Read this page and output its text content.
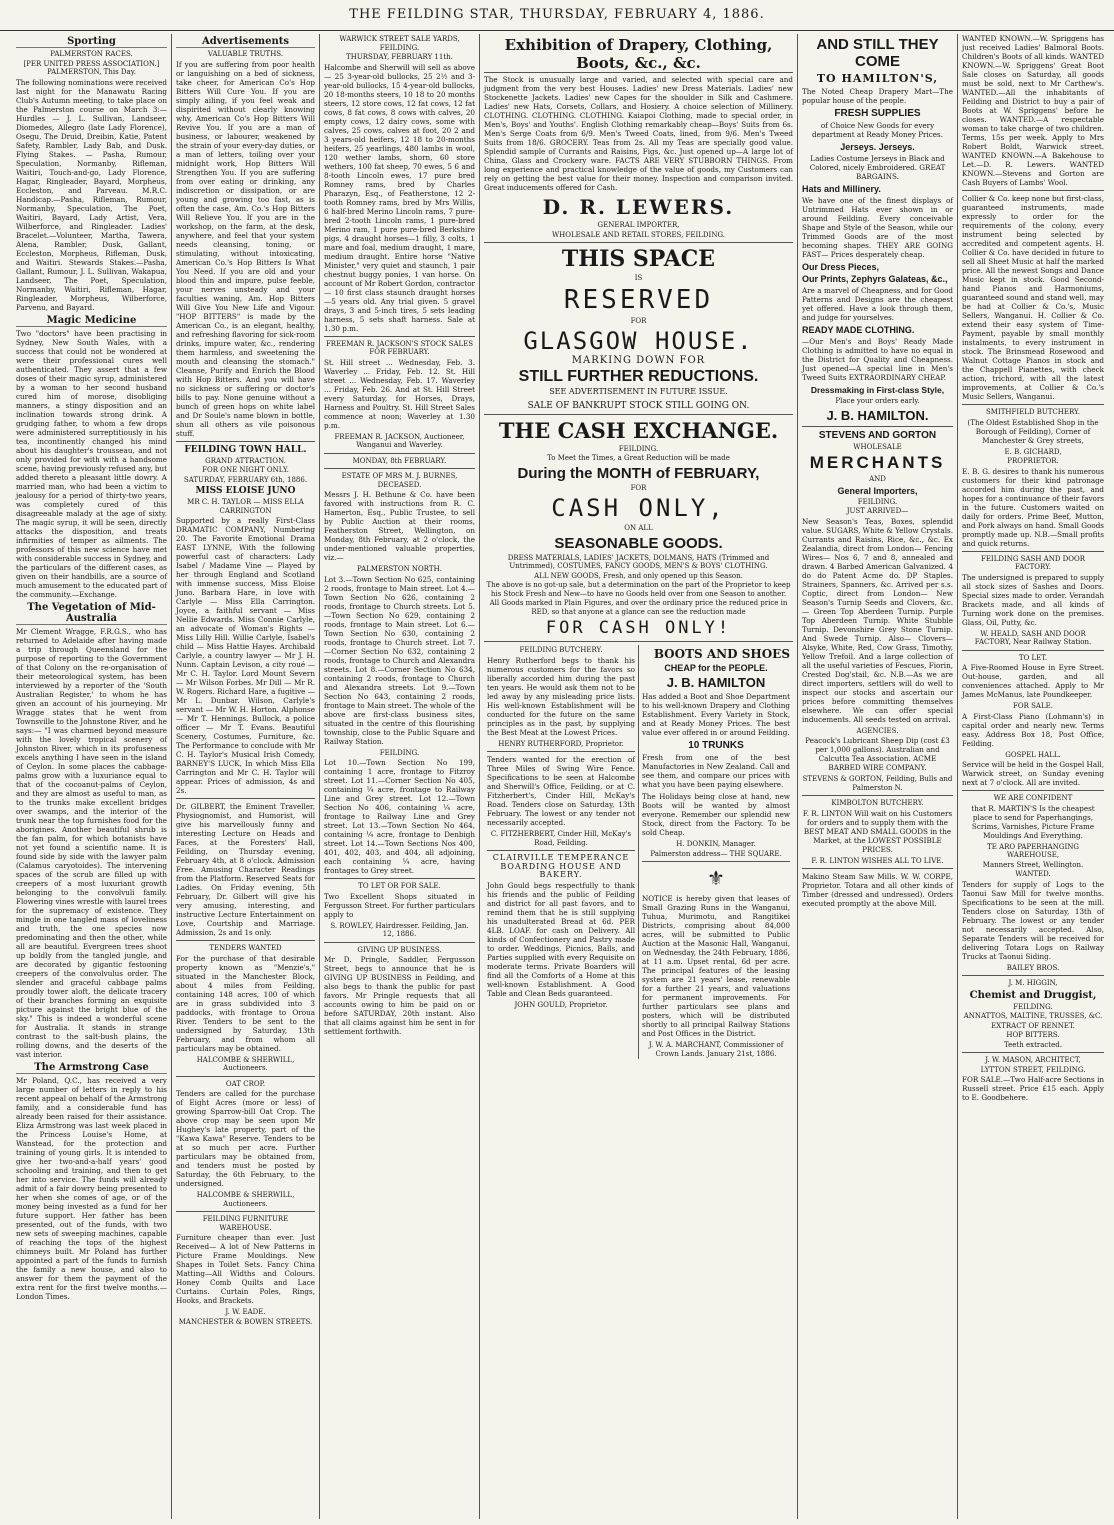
THE FEILDING STAR, THURSDAY, FEBRUARY 4, 1886.
Sporting
PALMERSTON RACES.
[PER UNITED PRESS ASSOCIATION.] PALMERSTON, This Day.

The following nominations were received last night for the Manawatu Racing Club's Autumn meeting, to take place on the Palmerston course on March 3:— Hurdles — J. L. Sullivan, Landseer, Diomedes, Allegro (late Lady Florence), Osegu, The Druid, Dreibin, Katie, Patent Safety, Rambler, Lady Bab, and Dusk. Flying Stakes. — Pasha, Rumour, Speculation, Normanby, Rifleman, Waitiri, Touch-and-go, Lady Florence, Hagar, Ringleader, Bayard, Morpheus, Eccleston, and Parveau. M.R.C. Handicap.—Pasha, Rifleman, Rumour, Normanby, Speculation, The Poet, Waitiri, Bayard, Lady Artist, Vera, Wilberforce, and Ringleader. Ladies' Bracelet.—Volunteer, Martha, Tawera, Alena, Rambler, Dusk, Gallant, Eccleston, Morpheus, Rifleman, Dusk, and Waitiri. Stewards Stakes.—Pasha, Gallant, Rumour, J. L. Sullivan, Wakapua, Landseer, The Poet, Speculation, Normanby, Waitiri, Rifleman, Hagar, Ringleader, Morpheus, Wilberforce, Parvenu, and Bayard.

Magic Medicine

Two "doctors" have been practising in Sydney, New South Wales, with a success that could not be wondered at were their professional cures well authenticated. They assert that a few doses of their magic syrup, administered by a woman to her second husband cured him of morose, disobliging manners, a stingy disposition and an inclination towards strong drink. A grudging father, to whom a few drops were administered surreptitiously in his tea, incontinently changed his mind about his daughter's trousseau, and not only provided for with with a handsome scene, having previously refused any, but added thereto a pleasant little dowry. A married man, who had been a victim to jealousy for a period of thirty-two years, was completely cured of this disagreeable malady at the age of sixty. The magic syrup, it will be seen, directly attacks the disposition, and treats infirmities of temper as ailments. The professors of this new science have met with considerable success in Sydney, and the particulars of the different cases, as given on their handbills, are a source of much amusement to the educated part of the community.—Exchange.

The Vegetation of Mid-Australia

Mr Clement Wragge, F.R.G.S., who has returned to Adelaide after having made a trip through Queensland for the purpose of reporting to the Government of that Colony on the re-organisation of their meteorological system, has been interviewed by a reporter of the 'South Australian Register,' to whom he has given an account of his journeying. Mr Wragge states that he went from Townsville to the Johnstone River, and he says:— "I was charmed beyond measure with the lovely tropical scenery of Johnston River, which in its profuseness excels anything I have seen in the island of Ceylon. In some places the cabbage-palms grow with a luxuriance equal to that of the cocoanut-palms of Ceylon, and they are almost as useful to man, as to the trunks make excellent bridges over swamps, and the interior of the trunk near the top furnishes food for the aborigines. Another beautiful shrub is the fan palm, for which botanists have not yet found a scientific name. It is found side by side with the lawyer palm (Calamus caryotoides). The intervening spaces of the scrub are filled up with creepers of a most luxuriant growth belonging to the convolvuli family. Flowering vines wrestle with laurel trees for the supremacy of existence. They mingle in one tangled mass of loveliness and truth, the one species now predominating and then the other, while all are beautiful. Evergreen trees shoot up boldly from the tangled jungle, and are decorated by gigantic festooning creepers of the convolvulus order. The slender and graceful cabbage palms proudly tower aloft, the delicate tracery of their branches forming an exquisite picture against the bright blue of the sky." This is indeed a wonderful scene for Australia. It stands in strange contrast to the salt-bush plains, the rolling downs, and the deserts of the vast interior.

The Armstrong Case

Mr Poland, Q.C., has received a very large number of letters in reply to his recent appeal on behalf of the Armstrong family, and a considerable fund has already been raised for their assistance. Eliza Armstrong was last week placed in the Princess Louise's Home, at Wanstead, for the protection and training of young girls. It is intended to give her two-and-a-half years' good schooling and training, and then to get her into service. The funds will already admit of a fair dowry being presented to her when she comes of age, or of the money being invested as a fund for her future support. Her father has been presented, out of the funds, with two new sets of sweeping machines, capable of reaching the tops of the highest chimneys built. Mr Poland has further appointed a part of the funds to furnish the family a new house, and also to answer for them the payment of the extra rent for the first twelve months.—London Times.

Advertisements
VALUABLE TRUTHS.

If you are suffering from poor health or languishing on a bed of sickness, take cheer, for American Co's Hop Bitters Will Cure You. If you are simply ailing, if you feel weak and dispirited without clearly knowing why, American Co's Hop Bitters Will Revive You. If you are a man of business, or labourer, weakened by the strain of your every-day duties, or a man of letters, toiling over your midnight work, Hop Bitters Will Strengthen You. If you are suffering from over eating or drinking, any indiscretion or dissipation, or are young and growing too fast, as is often the case, Am. Co.'s Hop Bitters Will Relieve You. If you are in the workshop, on the farm, at the desk, anywhere, and feel that your system needs cleansing, toning, or stimulating, without intoxicating, American Co.'s Hop Bitters Is What You Need. If you are old and your blood thin and impure, pulse feeble, your nerves unsteady and your faculties waning, Am. Hop Bitters Will Give You New Life and Vigour. "HOP BITTERS" is made by the American Co., is an elegant, healthy, and refreshing flavoring for sick-room drinks, impure water, &c., rendering them harmless, and sweetening the mouth and cleansing the stomach." Cleanse, Purify and Enrich the Blood with Hop Bitters. And you will have no sickness or suffering or doctor's bills to pay. None genuine without a bunch of green hops on white label and Dr Soule's name blown in bottle, shun all others as vile poisonous stuff.

FEILDING TOWN HALL.
GRAND ATTRACTION.
FOR ONE NIGHT ONLY.
SATURDAY, FEBRUARY 6th, 1886.
MISS ELOISE JUNO
MR C. H. TAYLOR — MISS ELLA CARRINGTON

Supported by a really First-Class DRAMATIC COMPANY, Numbering 20. The Favorite Emotional Drama EAST LYNNE, With the following powerful cast of characters: Lady Isabel / Madame Vine — Played by her through England and Scotland with immense success, Miss Eloise Juno. Barbara Hare, in love with Carlyle — Miss Ella Carrington. Joyce, a faithful servant — Miss Nellie Edwards. Miss Connie Carlyle, an advocate of Woman's Rights — Miss Lilly Hill. Willie Carlyle, Isabel's child — Miss Hattie Hayes. Archibald Carlyle, a country lawyer — Mr J. H. Nunn. Captain Levison, a city roué — Mr C. H. Taylor. Lord Mount Severn — Mr Wilson Forbes. Mr Dill — Mr R. W. Rogers. Richard Hare, a fugitive — Mr L. Dunbar. Wilson, Carlyle's servant — Mr W. H. Horton. Alphonse — Mr T. Hennings. Bullock, a police officer — Mr T. Evans. Beautiful Scenery, Costumes, Furniture, &c. The Performance to conclude with Mr C. H. Taylor's Musical Irish Comedy, BARNEY'S LUCK, In which Miss Ella Carrington and Mr C. H. Taylor will appear. Prices of admission, 4s and 2s.

Dr. GILBERT, the Eminent Traveller, Physiognomist, and Humorist, will give his marvellously funny and interesting Lecture on Heads and Faces, at the Foresters' Hall, Feilding, on Thursday evening, February 4th, at 8 o'clock. Admission Free. Amusing Character Readings from the Platform. Reserved Seats for Ladies. On Friday evening, 5th February, Dr. Gilbert will give his very amusing, interesting, and instructive Lecture Entertainment on Love, Courtship and Marriage. Admission, 2s and 1s only.

TENDERS WANTED

For the purchase of that desirable property known as "Menzie's," situated in the Manchester Block, about 4 miles from Feilding, containing 148 acres, 100 of which are in grass subdivided into 3 paddocks, with frontage to Oroua River. Tenders to be sent to the undersigned by Saturday, 13th February, and from whom all particulars may be obtained.

HALCOMBE & SHERWILL, Auctioneers.
OAT CROP.

Tenders are called for the purchase of Eight Acres (more or less) of growing Sparrow-bill Oat Crop. The above crop may be seen upon Mr Hughey's late property, part of the "Kawa Kawa" Reserve. Tenders to be at so much per acre. Further particulars may be obtained from, and tenders must be posted by Saturday, the 6th February, to the undersigned.

HALCOMBE & SHERWILL, Auctioneers.
FEILDING FURNITURE WAREHOUSE.

Furniture cheaper than ever. Just Received— A lot of New Patterns in Picture Frame Mouldings. New Shapes in Toilet Sets. Fancy China Matting—All Widths and Colours. Honey Comb Quilts and Lace Curtains. Curtain Poles, Rings, Hooks, and Brackets.

J. W. EADE.
MANCHESTER & BOWEN STREETS.
WARWICK STREET SALE YARDS, FEILDING.
THURSDAY, FEBRUARY 11th.

Halcombe and Sherwill will sell as above— 25 3-year-old bullocks, 25 2½ and 3-year-old bullocks, 15 4-year-old bullocks, 20 18-months steers, 10 18 to 20 months steers, 12 store cows, 12 fat cows, 12 fat cows, 8 fat cows, 8 cows with calves, 20 empty cows, 12 dairy cows, some with calves, 25 cows, calves at foot, 20 2 and 3 years-old heifers, 12 18 to 20-months heifers, 25 yearlings, 480 lambs in wool, 120 wether lambs, shorn, 60 store wethers, 100 fat sheep, 70 ewes, 5 6 and 8-tooth Lincoln ewes, 17 pure bred Romney rams, bred by Charles Pharazyn, Esq., of Featherstone, 12 2-tooth Romney rams, bred by Mrs Willis, 6 half-bred Merino Lincoln rams, 7 pure-bred 2-tooth Lincoln rams, 1 pure-bred Merino ram, 1 pure pure-bred Berkshire pigs, 4 draught horses—1 filly, 3 colts, 1 mare and foal, medium draught, 1 mare, medium draught. Entire horse "Native Minister," very quiet and staunch, 1 pair chestnut buggy ponies, 1 van horse. On account of Mr Robert Gordon, contractor— 10 first class staunch draught horses —5 years old. Any trial given. 5 gravel drays, 3 and 5-inch tires, 5 sets leading harness, 5 sets shaft harness. Sale at 1.30 p.m.

FREEMAN R. JACKSON'S STOCK SALES FOR FEBRUARY.

St. Hill street ... Wednesday, Feb. 3. Waverley ... Friday, Feb. 12. St. Hill street ... Wednesday, Feb. 17. Waverley ... Friday, Feb. 26. And at St. Hill Street every Saturday, for Horses, Drays, Harness and Poultry. St. Hill Street Sales commence at noon; Waverley at 1.30 p.m.

FREEMAN R. JACKSON, Auctioneer, Wanganui and Waverley.
MONDAY, 8th FEBRUARY.
ESTATE OF MRS M. J. BURNES, DECEASED.

Messrs J. H. Bethune & Co. have been favored with instructions from R. C. Hamerton, Esq., Public Trustee, to sell by Public Auction at their rooms, Featherston Street, Wellington, on Monday, 8th February, at 2 o'clock, the under-mentioned valuable properties, viz.—

PALMERSTON NORTH.

Lot 3.—Town Section No 625, containing 2 roods, frontage to Main street. Lot 4.—Town Section No 626, containing 2 roods, frontage to Church streets. Lot 5.—Town Section No 629, containing 2 roods, frontage to Main street. Lot 6.—Town Section No 630, containing 2 roods, frontage to Church street. Lot 7.—Corner Section No 632, containing 2 roods, frontage to Church and Alexandra streets. Lot 8.—Corner Section No 634, containing 2 roods, frontage to Church and Alexandra streets. Lot 9.—Town Section No 643, containing 2 roods, frontage to Main street. The whole of the above are first-class business sites, situated in the centre of this flourishing township, close to the Public Square and Railway Station.

FEILDING.

Lot 10.—Town Section No 199, containing 1 acre, frontage to Fitzroy street. Lot 11.—Corner Section No 405, containing ¼ acre, frontage to Railway Line and Grey street. Lot 12.—Town Section No 406, containing ¼ acre, frontage to Railway Line and Grey street. Lot 13.—Town Section No 464, containing ¼ acre, frontage to Denbigh street. Lot 14.—Town Sections Nos 400, 401, 402, 403, and 404, all adjoining, each containing ¼ acre, having frontages to Grey street.

TO LET OR FOR SALE.

Two Excellent Shops situated in Fergusson Street. For further particulars apply to

S. ROWLEY, Hairdresser. Feilding, Jan. 12, 1886.
GIVING UP BUSINESS.

Mr D. Pringle, Saddler, Fergusson Street, begs to announce that he is GIVING UP BUSINESS in Feilding, and also begs to thank the public for past favors. Mr Pringle requests that all accounts owing to him be paid on or before SATURDAY, 20th instant. Also that all claims against him be sent in for settlement forthwith.

Exhibition of Drapery, Clothing, Boots, &c., &c.

The Stock is unusually large and varied, and selected with special care and judgment from the very best Houses. Ladies' new Dress Materials. Ladies' new Stockenette Jackets. Ladies' new Capes for the shoulder in Silk and Cashmere. Ladies' new Hats, Corsets, Collars, and Hosiery. A choice selection of Millinery. CLOTHING. CLOTHING. CLOTHING. Kaiapoi Clothing, made to special order, in Men's, Boys' and Youths'. English Clothing remarkably cheap—Boys' Suits from 6s. Men's Serge Coats from 6/9. Men's Tweed Coats, lined, from 9/6. Men's Tweed Suits from 18/6. GROCERY. Teas from 2s. All my Teas are specially good value. Splendid sample of Currants and Raisins, Figs, &c. Just opened up—A large lot of China, Glass and Crockery ware. FACTS ARE VERY STUBBORN THINGS. From long experience and practical knowledge of the value of goods, my Customers can rely on getting the best value for their money. Inspection and comparison invited. Great inducements offered for Cash.

D. R. LEWERS.
GENERAL IMPORTER,
WHOLESALE AND RETAIL STORES, FEILDING.
THIS SPACE
IS
RESERVED
FOR
GLASGOW HOUSE.
MARKING DOWN FOR
STILL FURTHER REDUCTIONS.
SEE ADVERTISEMENT IN FUTURE ISSUE.
SALE OF BANKRUPT STOCK STILL GOING ON.
THE CASH EXCHANGE.
FEILDING.
To Meet the Times, a Great Reduction will be made
During the MONTH of FEBRUARY,
FOR
CASH ONLY,
ON ALL
SEASONABLE GOODS.
DRESS MATERIALS, LADIES' JACKETS, DOLMANS, HATS (Trimmed and Untrimmed), COSTUMES, FANCY GOODS, MEN'S & BOYS' CLOTHING.
ALL NEW GOODS, Fresh, and only opened up this Season.
The above is no got-up sale, but a determination on the part of the Proprietor to keep his Stock Fresh and New—to have no Goods held over from one Season to another.
All Goods marked in Plain Figures, and over the ordinary price the reduced price in RED, so that anyone at a glance can see the reduction made
FOR CASH ONLY!
FEILDING BUTCHERY.

Henry Rutherford begs to thank his numerous customers for the favors so liberally accorded him during the past ten years. He would ask them not to be led away by any misleading price lists. His well-known Establishment will be conducted for the future on the same principles as in the past, by supplying the Best Meat at the Lowest Prices.

HENRY RUTHERFORD, Proprietor.

Tenders wanted for the erection of Three Miles of Swing Wire Fence. Specifications to be seen at Halcombe and Sherwill's Office, Feilding, or at C. Fitzherbert's, Cinder Hill, McKay's Road. Tenders close on Saturday, 13th February. The lowest or any tender not necessarily accepted.

C. FITZHERBERT, Cinder Hill, McKay's Road, Feilding.
CLAIRVILLE TEMPERANCE BOARDING HOUSE AND BAKERY.

John Gould begs respectfully to thank his friends and the public of Feilding and district for all past favors, and to remind them that he is still supplying his unadulterated Bread at 6d. PER 4LB. LOAF. for cash on Delivery. All kinds of Confectionery and Pastry made to order. Weddings, Picnics, Balls, and Parties supplied with every Requisite on moderate terms. Private Boarders will find all the Comforts of a Home at this well-known Establishment. A Good Table and Clean Beds guaranteed.

JOHN GOULD, Proprietor.
BOOTS AND SHOES
CHEAP for the PEOPLE.
J. B. HAMILTON

Has added a Boot and Shoe Department to his well-known Drapery and Clothing Establishment. Every Variety in Stock, and at Ready Money Prices. The best value ever offered in or around Feilding.

10 TRUNKS

Fresh from one of the best Manufactories in New Zealand. Call and see them, and compare our prices with what you have been paying elsewhere.

The Holidays being close at hand, new Boots will be wanted by almost everyone. Remember our splendid new Stock, direct from the Factory. To be sold Cheap.

H. DONKIN, Manager.
Palmerston address— THE SQUARE.
⚜

NOTICE is hereby given that leases of Small Grazing Runs in the Wanganui, Tuhua, Murimotu, and Rangitikei Districts, comprising about 84,000 acres, will be submitted to Public Auction at the Masonic Hall, Wanganui, on Wednesday, the 24th February, 1886, at 11 a.m. Upset rental, 6d per acre. The principal features of the leasing system are 21 years' lease, renewable for a further 21 years, and valuations for permanent improvements. For further particulars see plans and posters, which will be distributed shortly to all principal Railway Stations and Post Offices in the District.

J. W. A. MARCHANT, Commissioner of Crown Lands. January 21st, 1886.
AND STILL THEY COME
TO HAMILTON'S,

The Noted Cheap Drapery Mart—The popular house of the people.

FRESH SUPPLIES

of Choice New Goods for every department at Ready Money Prices.

Jerseys. Jerseys.

Ladies Costume Jerseys in Black and Colored, nicely Embroidered. GREAT BARGAINS.

Hats and Millinery.

We have one of the finest displays of Untrimmed Hats ever shown in or around Feilding. Every conceivable Shape and Style of the Season, while our Trimmed Goods are of the most becoming shapes. THEY ARE GOING FAST— Prices desperately cheap.

Our Dress Pieces,
Our Prints, Zephyrs Galateas, &c.,

Are a marvel of Cheapness, and for Good Patterns and Designs are the cheapest yet offered. Have a look through them, and judge for yourselves.

READY MADE CLOTHING.

—Our Men's and Boys' Ready Made Clothing is admitted to have no equal in the District for Quality and Cheapness. Just opened—A special line in Men's Tweed Suits EXTRAORDINARY CHEAP.

Dressmaking in First-class Style,
Place your orders early.
J. B. HAMILTON.
STEVENS AND GORTON
WHOLESALE
MERCHANTS
AND
General Importers,
FEILDING.
JUST ARRIVED—

New Season's Teas, Boxes, splendid value. SUGARS, White & Yellow Crystals. Currants and Raisins, Rice, &c., &c. Ex Zealandia, direct from London— Fencing Wires— Nos 6, 7 and 8, annealed and drawn. 4 Barbed American Galvanized. 4 do do Patent Acme do. DP Staples. Strainers, Spanners, &c. Arrived per s.s. Coptic, direct from London— New Season's Turnip Seeds and Clovers, &c.— Green Top Aberdeen Turnip. Purple Top Aberdeen Turnip. White Stubble Turnip. Devonshire Grey Stone Turnip. And Swede Turnip. Also— Clovers— Alsyke, White, Red, Cow Grass, Timothy, Yellow Trefoil. And a large collection of all the useful varieties of Fescues, Fiorin, Crested Dog'stail, &c. N.B.—As we are direct importers, settlers will do well to inspect our stocks and ascertain our prices before committing themselves elsewhere. We can offer special inducements. All seeds tested on arrival.

AGENCIES.

Peacock's Lubricant Sheep Dip (cost £3 per 1,000 gallons). Australian and Calcutta Tea Association. ACME BARBED WIRE COMPANY.

STEVENS & GORTON, Feilding, Bulls and Palmerston N.
KIMBOLTON BUTCHERY.

F. R. LINTON Will wait on his Customers for orders and to supply them with the BEST MEAT AND SMALL GOODS in the Market, at the LOWEST POSSIBLE PRICES.

F. R. LINTON WISHES ALL TO LIVE.

Makino Steam Saw Mills. W. W. CORPE, Proprietor. Totara and all other kinds of Timber (dressed and undressed). Orders executed promptly at the above Mill.

WANTED KNOWN.—W. Spriggens has just received Ladies' Balmoral Boots. Children's Boots of all kinds. WANTED KNOWN.—W. Spriggens' Great Boot Sale closes on Saturday, all goods must be sold, next to Mr Carthew's. WANTED.—All the inhabitants of Feilding and District to buy a pair of Boots at W. Spriggens' before he closes. WANTED.—A respectable woman to take charge of two children. Terms, 15s per week. Apply to Mrs Robert Boldt, Warwick street. WANTED KNOWN.—A Bakehouse to Let.—D. R. Lewers. WANTED KNOWN.—Stevens and Gorton are Cash Buyers of Lambs' Wool.

Collier & Co. keep none but first-class, guaranteed instruments, made expressly to order for the requirements of the colony, every instrument being selected by accredited and competent agents. H. Collier & Co. have decided in future to sell all Sheet Music at half the marked price. All the newest Songs and Dance Music kept in stock. Good Second-hand Pianos and Harmoniums, guaranteed sound and stand well, may be had at Collier & Co.'s, Music Sellers, Wanganui. H. Collier & Co. extend their easy system of Time-Payment, payable by small monthly instalments, to every instrument in stock. The Brinsmead Rosewood and Walnut Cottage Pianos in stock and the Chappell Pianettes, with check action, trichord, with all the latest improvements, at Collier & Co.'s Music Sellers, Wanganui.

SMITHFIELD BUTCHERY.

(The Oldest Established Shop in the Borough of Feilding), Corner of Manchester & Grey streets,

E. B. GICHARD,
PROPRIETOR.

E. B. G. desires to thank his numerous customers for their kind patronage accorded him during the past, and hopes for a continuance of their favors in the future. Customers waited on daily for orders. Prime Beef, Mutton, and Pork always on hand. Small Goods promptly made up. N.B.—Small profits and quick returns.

FEILDING SASH AND DOOR FACTORY.

The undersigned is prepared to supply all stock sizes of Sashes and Doors. Special sizes made to order. Verandah Brackets made, and all kinds of Turning work done on the premises. Glass, Oil, Putty, &c.

W. HEALD, SASH AND DOOR FACTORY, Near Railway Station.
TO LET.

A Five-Roomed House in Eyre Street. Out-house, garden, and all conveniences attached. Apply to Mr James McManus, late Poundkeeper.

FOR SALE.

A First-Class Piano (Lohmann's) in capital order and nearly new. Terms easy. Address Box 18, Post Office, Feilding.

GOSPEL HALL.

Service will be held in the Gospel Hall, Warwick street, on Sunday evening next at 7 o'clock. All are invited.

WE ARE CONFIDENT

that R. MARTIN'S Is the cheapest place to send for Paperhangings, Scrims, Varnishes, Picture Frame Mouldings And Everything.

TE ARO PAPERHANGING WAREHOUSE,
Manners Street, Wellington.
WANTED.

Tenders for supply of Logs to the Taonui Saw Mill for twelve months. Specifications to be seen at the mill. Tenders close on Saturday, 13th of February. The lowest or any tender not necessarily accepted. Also, Separate Tenders will be received for delivering Totara Logs on Railway Trucks at Taonui Siding.

BAILEY BROS.
J. M. HIGGIN,
Chemist and Druggist,
FEILDING.
ANNATTOS, MALTINE, TRUSSES, &C.
EXTRACT OF RENNET.
HOP BITTERS.
Teeth extracted.
J. W. MASON, ARCHITECT,
LYTTON STREET, FEILDING.

FOR SALE.—Two Half-acre Sections in Russell street. Price £15 each. Apply to E. Goodbehere.
